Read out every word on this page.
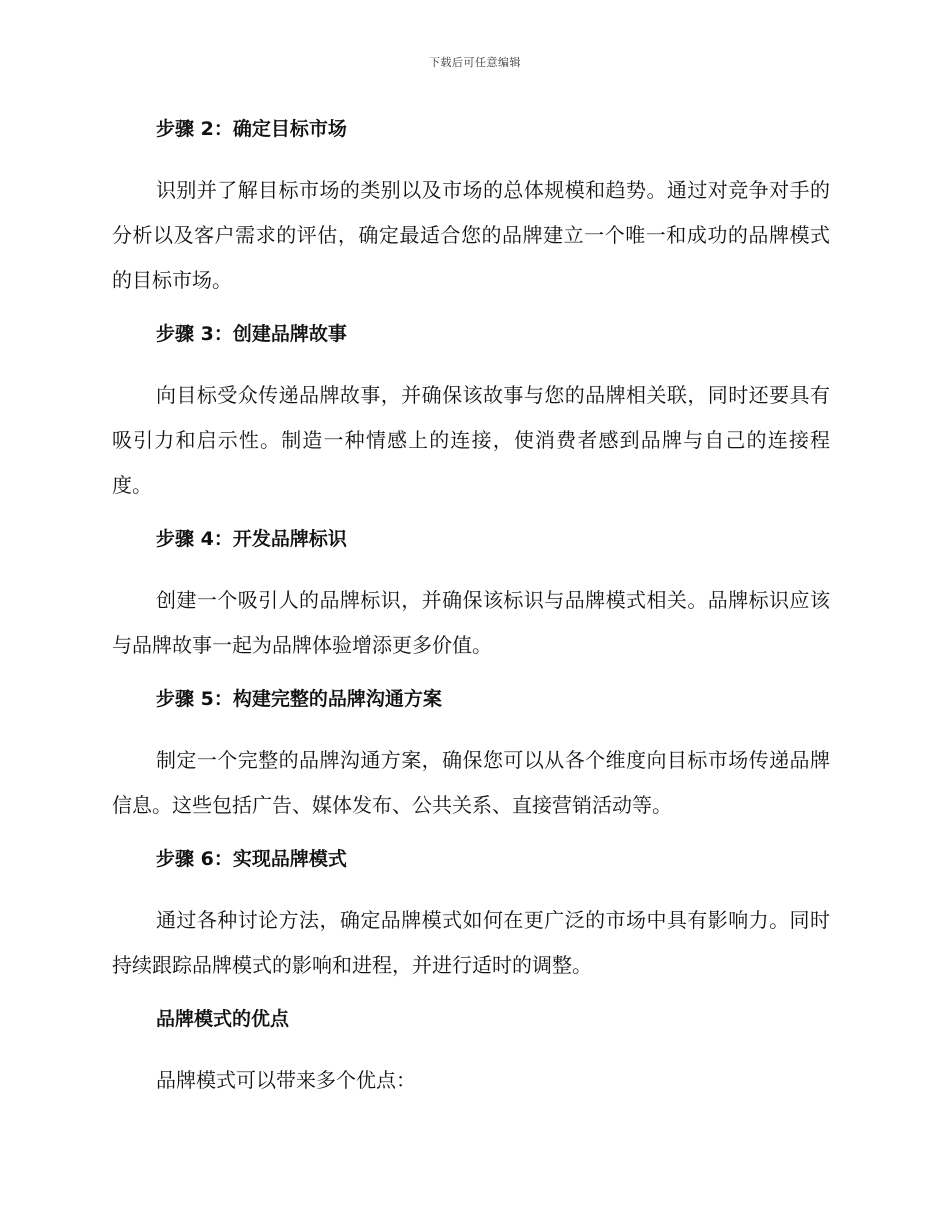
下载后可任意编辑
步骤 2：确定目标市场

识别并了解目标市场的类别以及市场的总体规模和趋势。通过对竞争对手的分析以及客户需求的评估，确定最适合您的品牌建立一个唯一和成功的品牌模式的目标市场。

步骤 3：创建品牌故事

向目标受众传递品牌故事，并确保该故事与您的品牌相关联，同时还要具有吸引力和启示性。制造一种情感上的连接，使消费者感到品牌与自己的连接程度。

步骤 4：开发品牌标识

创建一个吸引人的品牌标识，并确保该标识与品牌模式相关。品牌标识应该与品牌故事一起为品牌体验增添更多价值。

步骤 5：构建完整的品牌沟通方案

制定一个完整的品牌沟通方案，确保您可以从各个维度向目标市场传递品牌信息。这些包括广告、媒体发布、公共关系、直接营销活动等。

步骤 6：实现品牌模式

通过各种讨论方法，确定品牌模式如何在更广泛的市场中具有影响力。同时持续跟踪品牌模式的影响和进程，并进行适时的调整。

品牌模式的优点

品牌模式可以带来多个优点：
